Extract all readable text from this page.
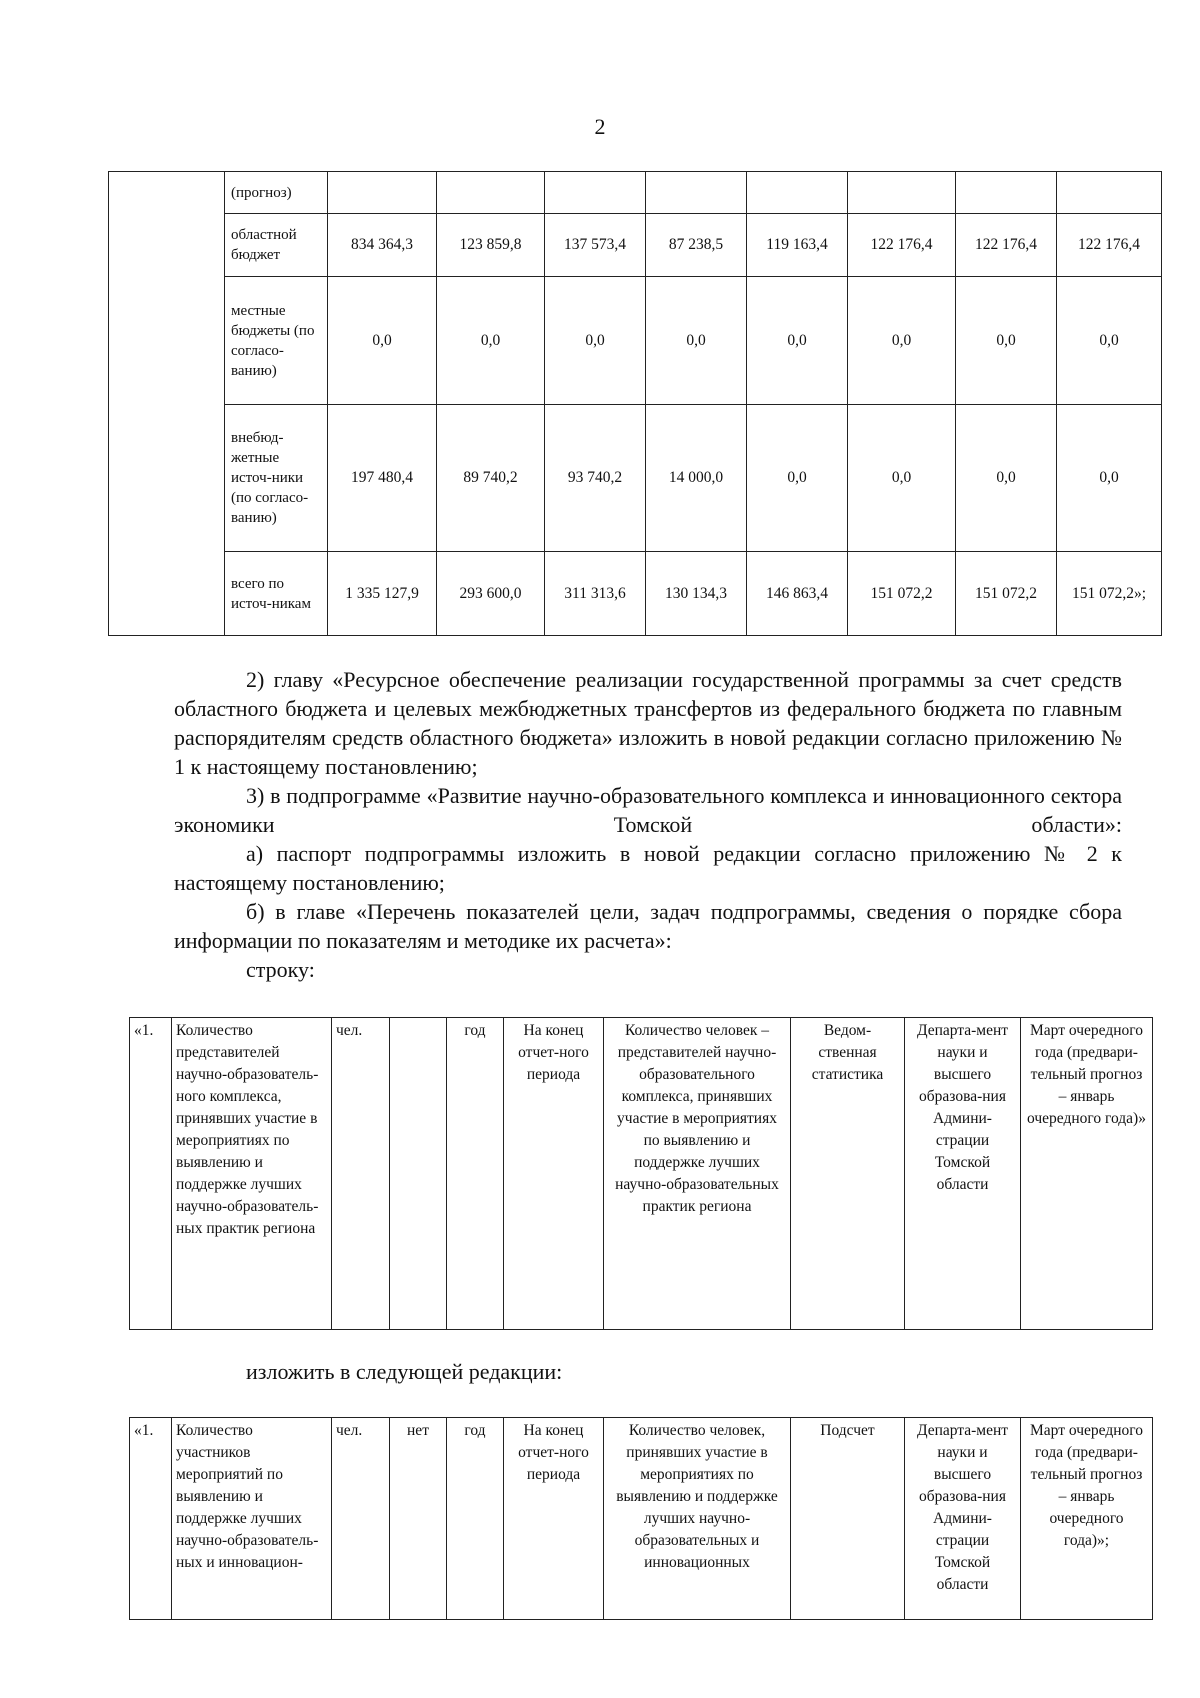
2
	(прогноз)								
	областной бюджет	834 364,3	123 859,8	137 573,4	87 238,5	119 163,4	122 176,4	122 176,4	122 176,4
	местные бюджеты (по согласо-ванию)	0,0	0,0	0,0	0,0	0,0	0,0	0,0	0,0
	внебюд-жетные источ-ники (по согласо-ванию)	197 480,4	89 740,2	93 740,2	14 000,0	0,0	0,0	0,0	0,0
	всего по источ-никам	1 335 127,9	293 600,0	311 313,6	130 134,3	146 863,4	151 072,2	151 072,2	151 072,2»;

2) главу «Ресурсное обеспечение реализации государственной программы за счет средств областного бюджета и целевых межбюджетных трансфертов из федерального бюджета по главным распорядителям средств областного бюджета» изложить в новой редакции согласно приложению № 1 к настоящему постановлению;

3) в подпрограмме «Развитие научно-образовательного комплекса и инновационного сектора экономики Томской области»:

а) паспорт подпрограммы изложить в новой редакции согласно приложению № 2 к настоящему постановлению;

б) в главе «Перечень показателей цели, задач подпрограммы, сведения о порядке сбора информации по показателям и методике их расчета»:

строку:
изложить в следующей редакции:
«1.	Количество представителей научно-образователь-ного комплекса, принявших участие в мероприятиях по выявлению и поддержке лучших научно-образователь-ных практик региона	чел.		год	На конец отчет-ного периода	Количество человек – представителей научно-образовательного комплекса, принявших участие в мероприятиях по выявлению и поддержке лучших научно-образовательных практик региона	Ведом-ственная статистика	Департа-мент науки и высшего образова-ния Админи-страции Томской области	Март очередного года (предвари-тельный прогноз – январь очередного года)»
«1.	Количество участников мероприятий по выявлению и поддержке лучших научно-образователь-ных и инновацион-	чел.	нет	год	На конец отчет-ного периода	Количество человек, принявших участие в мероприятиях по выявлению и поддержке лучших научно-образовательных и инновационных	Подсчет	Департа-мент науки и высшего образова-ния Админи-страции Томской области	Март очередного года (предвари-тельный прогноз – январь очередного года)»;
